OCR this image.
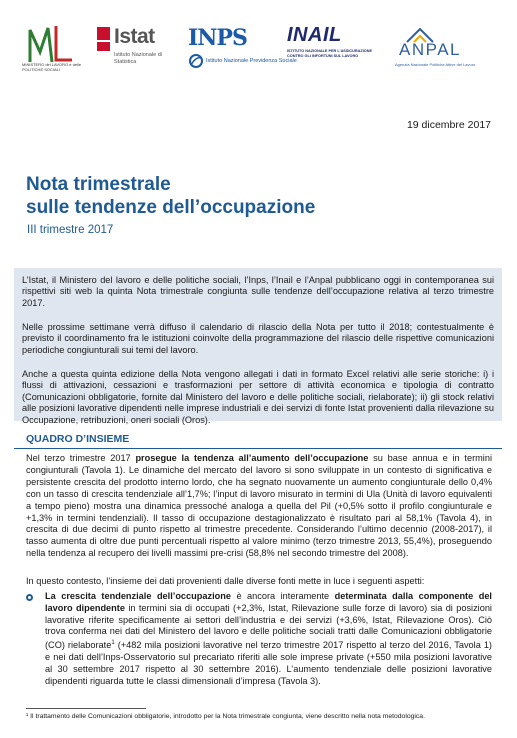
MINISTERO del LAVORO e delle POLITICHE SOCIALI
Istat
Istituto Nazionale di Statistica
INPS
Istituto Nazionale Previdenza Sociale
INAIL
ISTITUTO NAZIONALE PER L'ASSICURAZIONE CONTRO GLI INFORTUNI SUL LAVORO	ANPAL
Agenzia Nazionale Politiche Attive del Lavoro
19 dicembre 2017
Nota trimestrale
sulle tendenze dell’occupazione
III trimestre 2017

L’Istat, il Ministero del lavoro e delle politiche sociali, l’Inps, l’Inail e l’Anpal pubblicano oggi in contemporanea sui rispettivi siti web la quinta Nota trimestrale congiunta sulle tendenze dell’occupazione relativa al terzo trimestre 2017.

Nelle prossime settimane verrà diffuso il calendario di rilascio della Nota per tutto il 2018; contestualmente è previsto il coordinamento fra le istituzioni coinvolte della programmazione del rilascio delle rispettive comunicazioni periodiche congiunturali sui temi del lavoro.

Anche a questa quinta edizione della Nota vengono allegati i dati in formato Excel relativi alle serie storiche: i) i flussi di attivazioni, cessazioni e trasformazioni per settore di attività economica e tipologia di contratto (Comunicazioni obbligatorie, fornite dal Ministero del lavoro e delle politiche sociali, rielaborate); ii) gli stock relativi alle posizioni lavorative dipendenti nelle imprese industriali e dei servizi di fonte Istat provenienti dalla rilevazione su Occupazione, retribuzioni, oneri sociali (Oros).

QUADRO D’INSIEME

Nel terzo trimestre 2017 prosegue la tendenza all’aumento dell’occupazione su base annua e in termini congiunturali (Tavola 1). Le dinamiche del mercato del lavoro si sono sviluppate in un contesto di significativa e persistente crescita del prodotto interno lordo, che ha segnato nuovamente un aumento congiunturale dello 0,4% con un tasso di crescita tendenziale all’1,7%; l’input di lavoro misurato in termini di Ula (Unità di lavoro equivalenti a tempo pieno) mostra una dinamica pressoché analoga a quella del Pil (+0,5% sotto il profilo congiunturale e +1,3% in termini tendenziali). Il tasso di occupazione destagionalizzato è risultato pari al 58,1% (Tavola 4), in crescita di due decimi di punto rispetto al trimestre precedente. Considerando l’ultimo decennio (2008-2017), il tasso aumenta di oltre due punti percentuali rispetto al valore minimo (terzo trimestre 2013, 55,4%), proseguendo nella tendenza al recupero dei livelli massimi pre-crisi (58,8% nel secondo trimestre del 2008).

In questo contesto, l’insieme dei dati provenienti dalle diverse fonti mette in luce i seguenti aspetti:

La crescita tendenziale dell’occupazione è ancora interamente determinata dalla componente del lavoro dipendente in termini sia di occupati (+2,3%, Istat, Rilevazione sulle forze di lavoro) sia di posizioni lavorative riferite specificamente ai settori dell’industria e dei servizi (+3,6%, Istat, Rilevazione Oros). Ciò trova conferma nei dati del Ministero del lavoro e delle politiche sociali tratti dalle Comunicazioni obbligatorie (CO) rielaborate$^1$ (+482 mila posizioni lavorative nel terzo trimestre 2017 rispetto al terzo del 2016, Tavola 1) e nei dati dell’Inps-Osservatorio sul precariato riferiti alle sole imprese private (+550 mila posizioni lavorative al 30 settembre 2017 rispetto al 30 settembre 2016). L’aumento tendenziale delle posizioni lavorative dipendenti riguarda tutte le classi dimensionali d’impresa (Tavola 3).

¹ Il trattamento delle Comunicazioni obbligatorie, introdotto per la Nota trimestrale congiunta, viene descritto nella nota metodologica.
